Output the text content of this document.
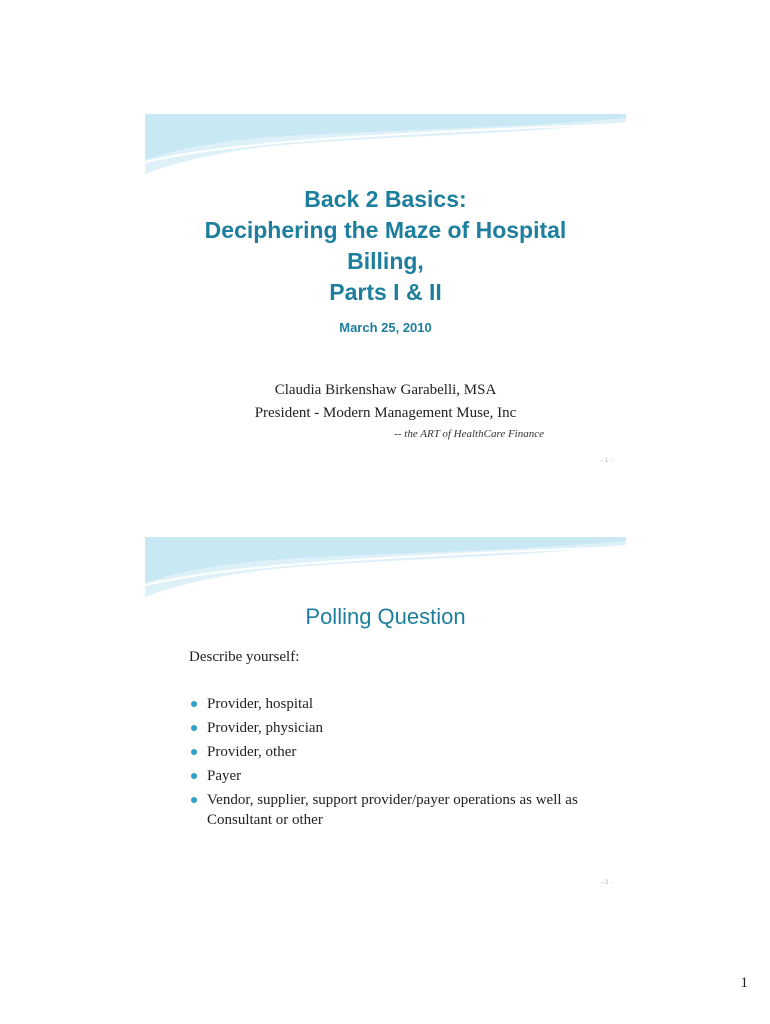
Back 2 Basics:
Deciphering the Maze of Hospital
Billing,
Parts I & II
March 25, 2010
Claudia Birkenshaw Garabelli, MSA
President - Modern Management Muse, Inc
-- the ART of HealthCare Finance
- 1 -
Polling Question
Describe yourself:
Provider, hospital
Provider, physician
Provider, other
Payer
Vendor, supplier, support provider/payer operations as well as Consultant or other
- 2 -
1
